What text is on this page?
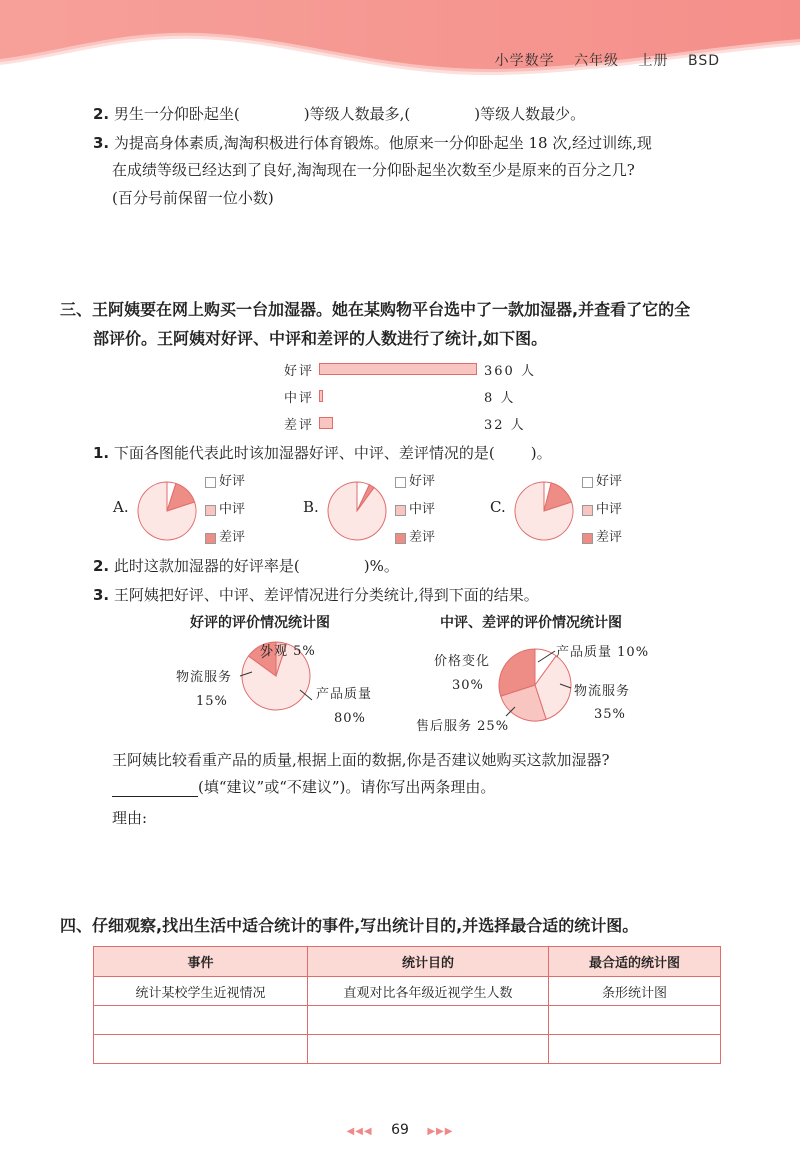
小学数学 六年级 上册 BSD
2. 男生一分仰卧起坐(	)等级人数最多,(	)等级人数最少。
3. 为提高身体素质,淘淘积极进行体育锻炼。他原来一分仰卧起坐 18 次,经过训练,现
在成绩等级已经达到了良好,淘淘现在一分仰卧起坐次数至少是原来的百分之几?
(百分号前保留一位小数)
三、王阿姨要在网上购买一台加湿器。她在某购物平台选中了一款加湿器,并查看了它的全
部评价。王阿姨对好评、中评和差评的人数进行了统计,如下图。
好评	360 人
中评	8 人
差评	32 人
1. 下面各图能代表此时该加湿器好评、中评、差评情况的是( )。
A.
好评
中评
差评
B.
好评
中评
差评
C.
好评
中评
差评
2. 此时这款加湿器的好评率是(	)%。
3. 王阿姨把好评、中评、差评情况进行分类统计,得到下面的结果。
好评的评价情况统计图	中评、差评的评价情况统计图
外观 5%
物流服务
15%	产品质量
80%
产品质量 10%
价格变化
30%	物流服务
35%
售后服务 25%
王阿姨比较看重产品的质量,根据上面的数据,你是否建议她购买这款加湿器?
(填“建议”或“不建议”)。请你写出两条理由。
理由:
四、仔细观察,找出生活中适合统计的事件,写出统计目的,并选择最合适的统计图。
事件	统计目的	最合适的统计图
统计某校学生近视情况	直观对比各年级近视学生人数	条形统计图

◀◀◀ 69 ▶▶▶
